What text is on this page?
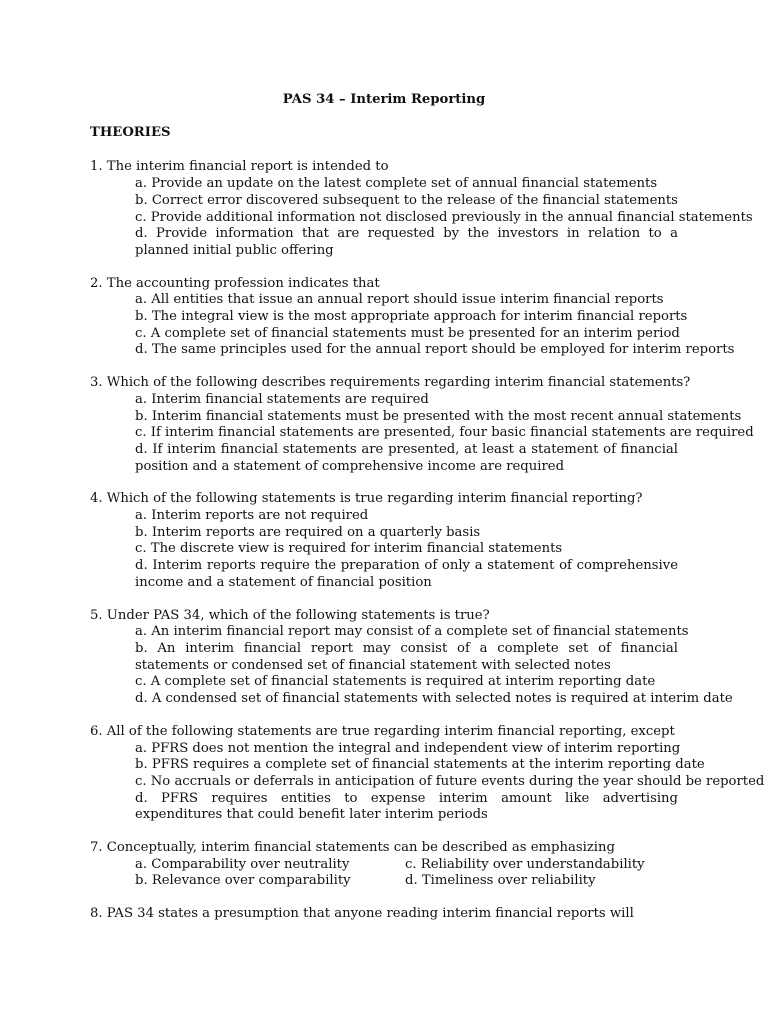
PAS 34 – Interim Reporting
THEORIES

1. The interim financial report is intended to

a. Provide an update on the latest complete set of annual financial statements

b. Correct error discovered subsequent to the release of the financial statements

c. Provide additional information not disclosed previously in the annual financial statements

d. Provide information that are requested by the investors in relation to a planned initial public offering

2. The accounting profession indicates that

a. All entities that issue an annual report should issue interim financial reports

b. The integral view is the most appropriate approach for interim financial reports

c. A complete set of financial statements must be presented for an interim period

d. The same principles used for the annual report should be employed for interim reports

3. Which of the following describes requirements regarding interim financial statements?

a. Interim financial statements are required

b. Interim financial statements must be presented with the most recent annual statements

c. If interim financial statements are presented, four basic financial statements are required

d. If interim financial statements are presented, at least a statement of financial position and a statement of comprehensive income are required

4. Which of the following statements is true regarding interim financial reporting?

a. Interim reports are not required

b. Interim reports are required on a quarterly basis

c. The discrete view is required for interim financial statements

d. Interim reports require the preparation of only a statement of comprehensive income and a statement of financial position

5. Under PAS 34, which of the following statements is true?

a. An interim financial report may consist of a complete set of financial statements

b. An interim financial report may consist of a complete set of financial statements or condensed set of financial statement with selected notes

c. A complete set of financial statements is required at interim reporting date

d. A condensed set of financial statements with selected notes is required at interim date

6. All of the following statements are true regarding interim financial reporting, except

a. PFRS does not mention the integral and independent view of interim reporting

b. PFRS requires a complete set of financial statements at the interim reporting date

c. No accruals or deferrals in anticipation of future events during the year should be reported

d. PFRS requires entities to expense interim amount like advertising expenditures that could benefit later interim periods

7. Conceptually, interim financial statements can be described as emphasizing

a. Comparability over neutrality	c. Reliability over understandability
b. Relevance over comparability	d. Timeliness over reliability

8. PAS 34 states a presumption that anyone reading interim financial reports will
